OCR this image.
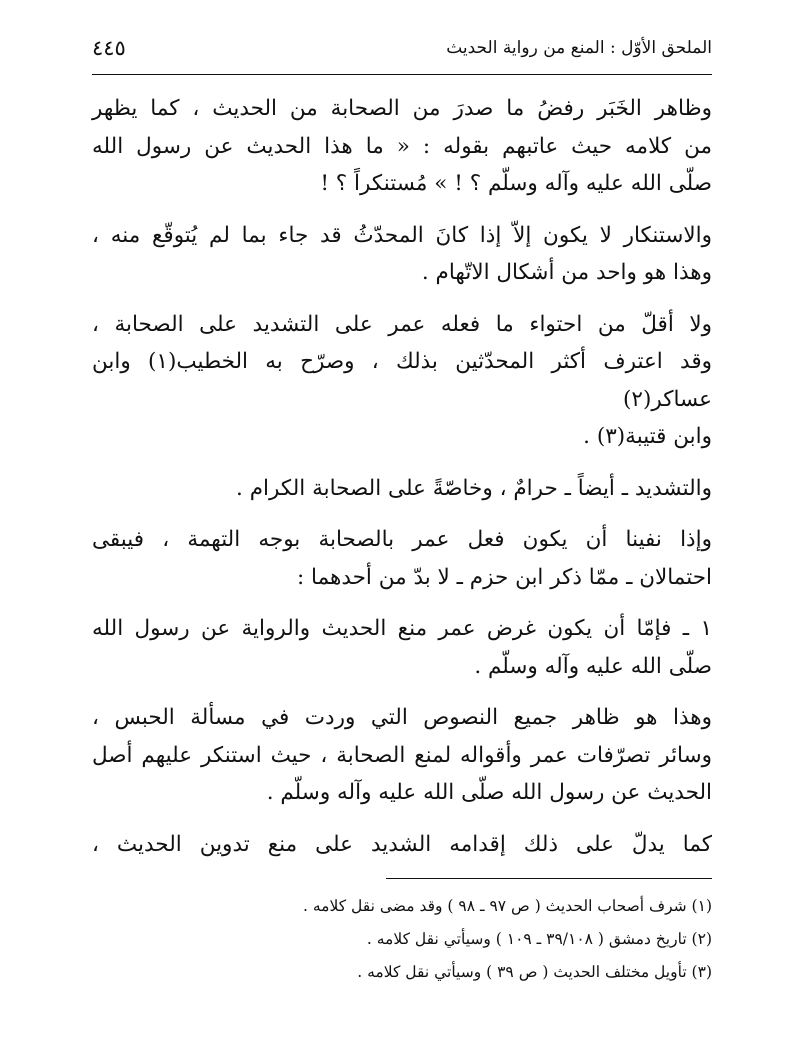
الملحق الأوّل : المنع من رواية الحديث
٤٤٥

وظاهر الخَبَر رفضُ ما صدرَ من الصحابة من الحديث ، كما يظهر
من كلامه حيث عاتبهم بقوله : « ما هذا الحديث عن رسول الله
صلّى الله عليه وآله وسلّم ؟ ! » مُستنكراً ؟ !

والاستنكار لا يكون إلاّ إذا كانَ المحدّثُ قد جاء بما لم يُتوقّع منه ،
وهذا هو واحد من أشكال الاتّهام .

ولا أقلّ من احتواء ما فعله عمر على التشديد على الصحابة ،
وقد اعترف أكثر المحدّثين بذلك ، وصرّح به الخطيب(١) وابن عساكر(٢)
وابن قتيبة(٣) .

والتشديد ـ أيضاً ـ حرامٌ ، وخاصّةً على الصحابة الكرام .

وإذا نفينا أن يكون فعل عمر بالصحابة بوجه التهمة ، فيبقى
احتمالان ـ ممّا ذكر ابن حزم ـ لا بدّ من أحدهما :

١ ـ فإمّا أن يكون غرض عمر منع الحديث والرواية عن رسول الله
صلّى الله عليه وآله وسلّم .

وهذا هو ظاهر جميع النصوص التي وردت في مسألة الحبس ،
وسائر تصرّفات عمر وأقواله لمنع الصحابة ، حيث استنكر عليهم أصل
الحديث عن رسول الله صلّى الله عليه وآله وسلّم .

كما يدلّ على ذلك إقدامه الشديد على منع تدوين الحديث ،

(١) شرف أصحاب الحديث ( ص ٩٧ ـ ٩٨ ) وقد مضى نقل كلامه .
(٢) تاريخ دمشق ( ٣٩/١٠٨ ـ ١٠٩ ) وسيأتي نقل كلامه .
(٣) تأويل مختلف الحديث ( ص ٣٩ ) وسيأتي نقل كلامه .
